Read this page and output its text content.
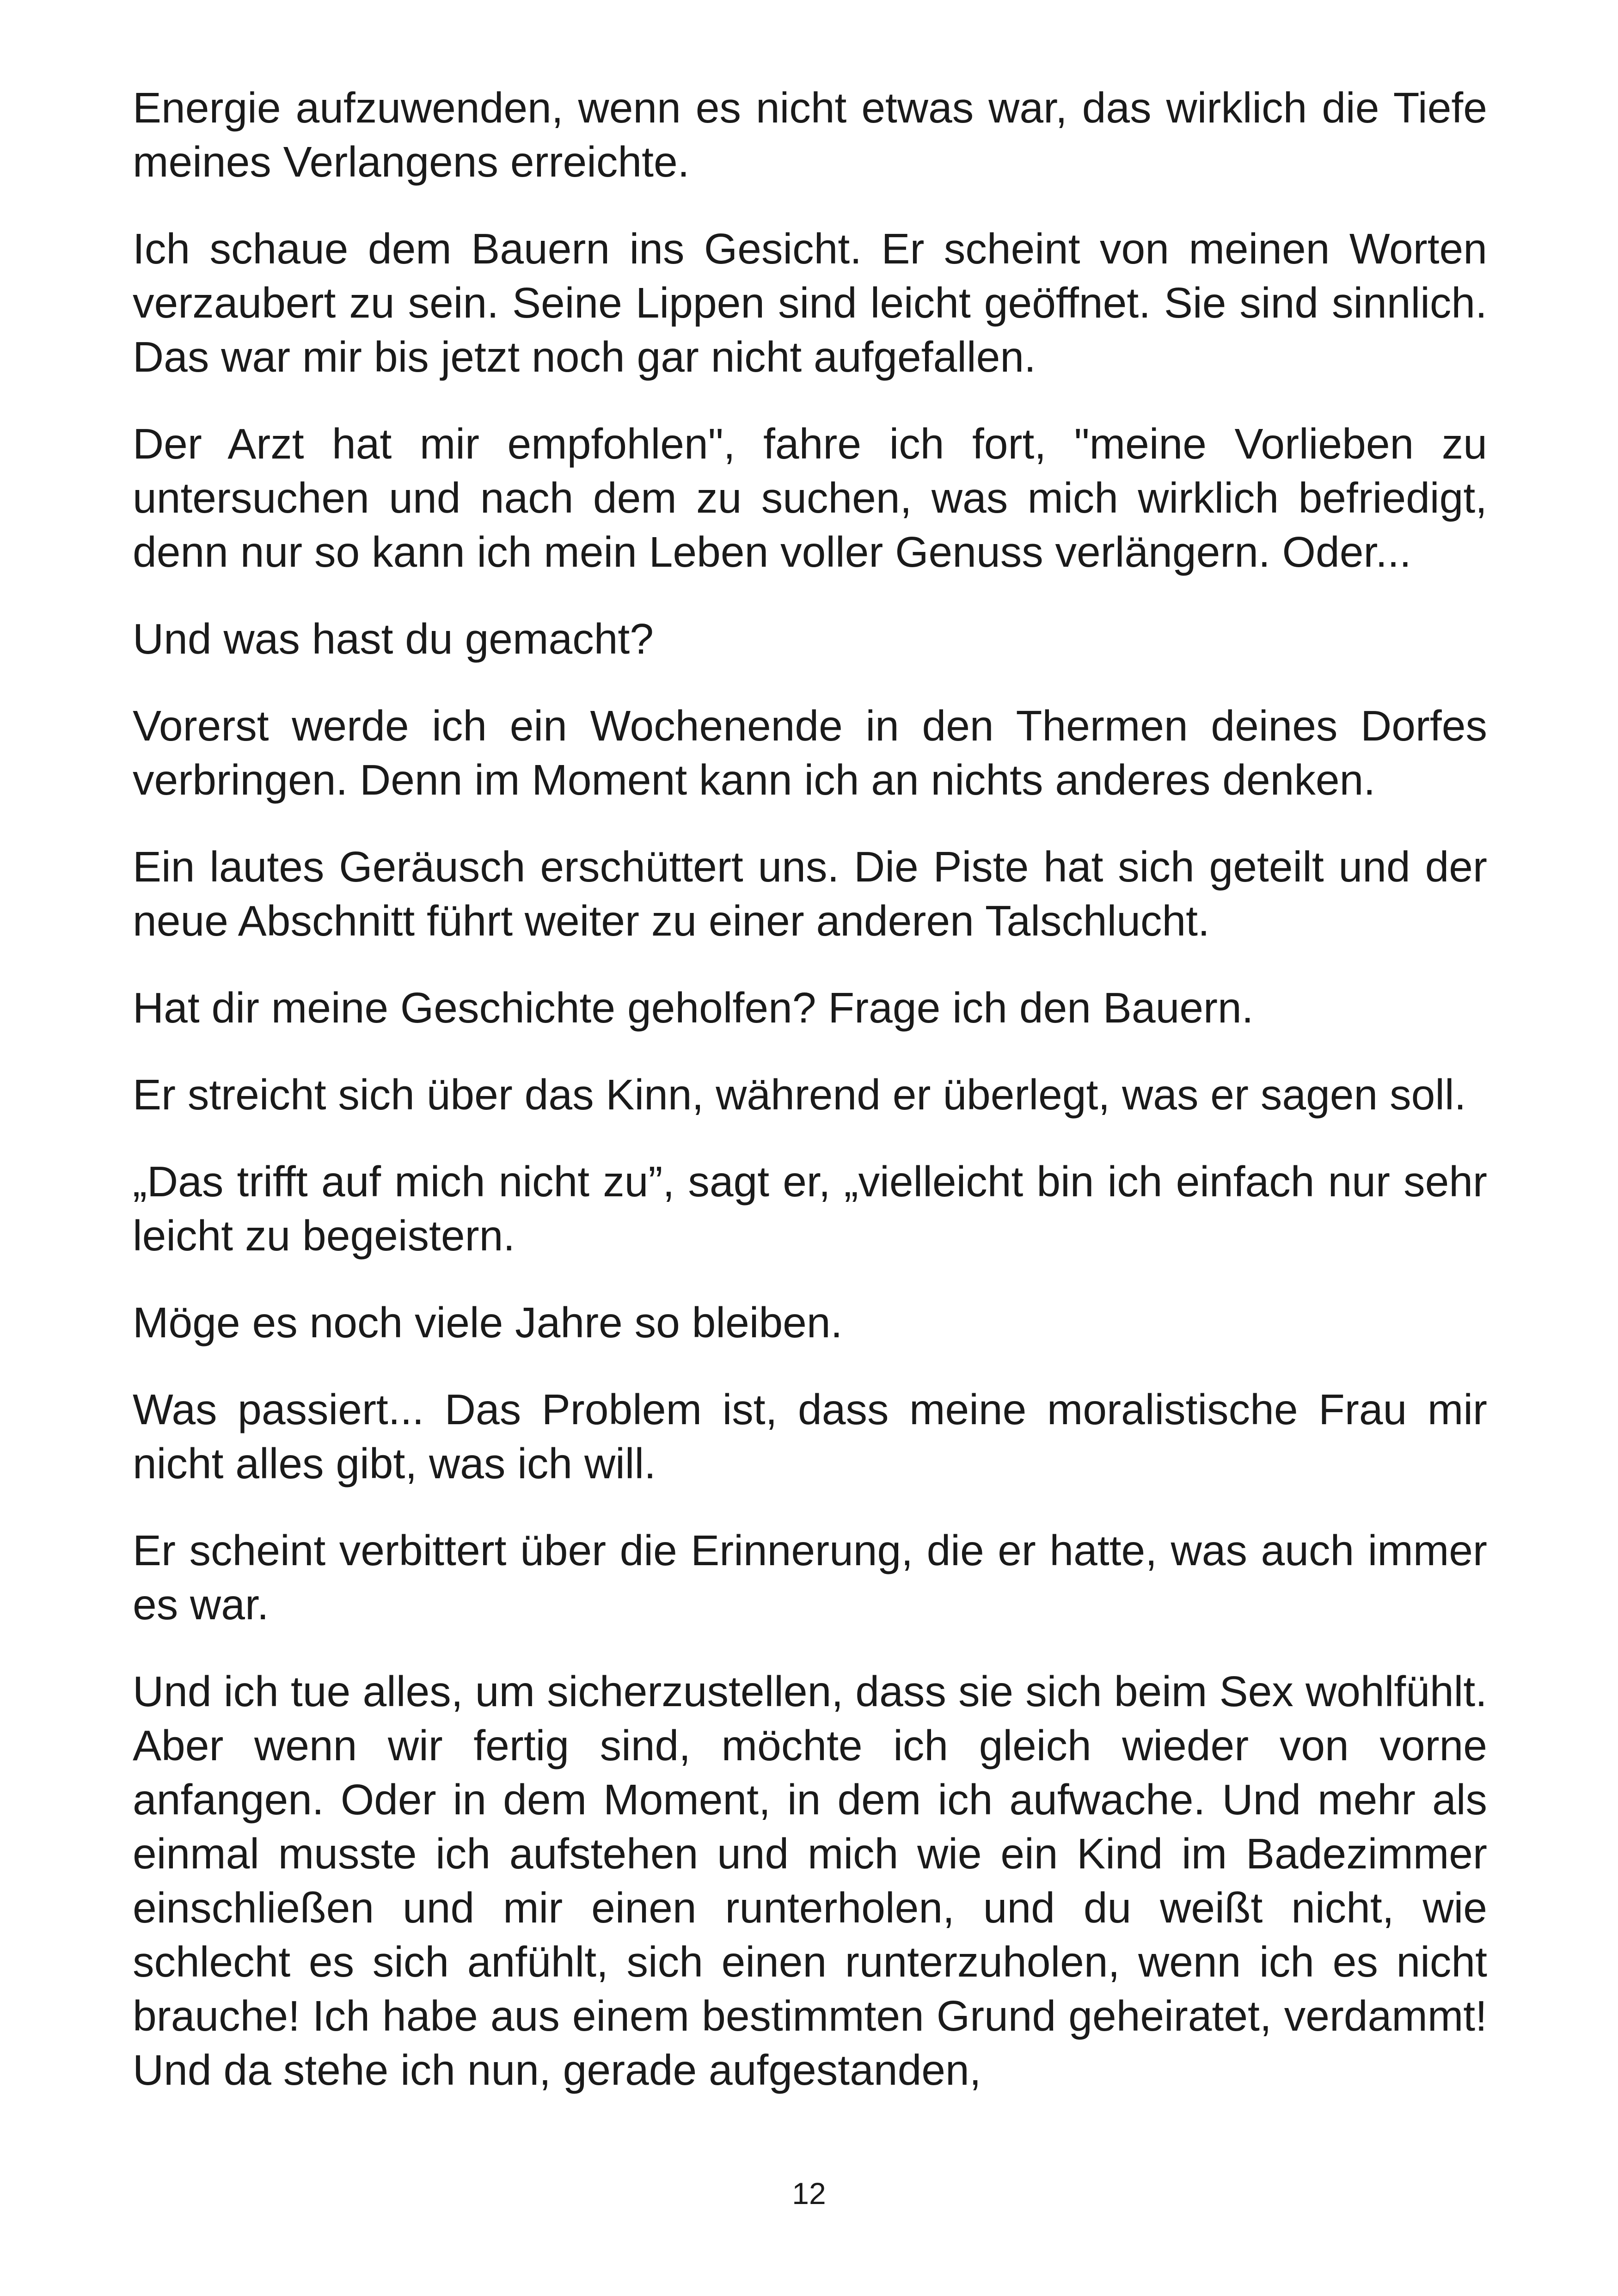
Energie aufzuwenden, wenn es nicht etwas war, das wirklich die Tiefe meines Verlangens erreichte.

Ich schaue dem Bauern ins Gesicht. Er scheint von meinen Worten verzaubert zu sein. Seine Lippen sind leicht geöffnet. Sie sind sinnlich. Das war mir bis jetzt noch gar nicht aufgefallen.

Der Arzt hat mir empfohlen", fahre ich fort, "meine Vorlieben zu untersuchen und nach dem zu suchen, was mich wirklich befriedigt, denn nur so kann ich mein Leben voller Genuss verlängern. Oder...

Und was hast du gemacht?

Vorerst werde ich ein Wochenende in den Thermen deines Dorfes verbringen. Denn im Moment kann ich an nichts anderes denken.

Ein lautes Geräusch erschüttert uns. Die Piste hat sich geteilt und der neue Abschnitt führt weiter zu einer anderen Talschlucht.

Hat dir meine Geschichte geholfen? Frage ich den Bauern.

Er streicht sich über das Kinn, während er überlegt, was er sagen soll.

„Das trifft auf mich nicht zu”, sagt er, „vielleicht bin ich einfach nur sehr leicht zu begeistern.

Möge es noch viele Jahre so bleiben.

Was passiert... Das Problem ist, dass meine moralistische Frau mir nicht alles gibt, was ich will.

Er scheint verbittert über die Erinnerung, die er hatte, was auch immer es war.

Und ich tue alles, um sicherzustellen, dass sie sich beim Sex wohlfühlt. Aber wenn wir fertig sind, möchte ich gleich wieder von vorne anfangen. Oder in dem Moment, in dem ich aufwache. Und mehr als einmal musste ich aufstehen und mich wie ein Kind im Badezimmer einschließen und mir einen runterholen, und du weißt nicht, wie schlecht es sich anfühlt, sich einen runterzuholen, wenn ich es nicht brauche! Ich habe aus einem bestimmten Grund geheiratet, verdammt! Und da stehe ich nun, gerade aufgestanden,

12
